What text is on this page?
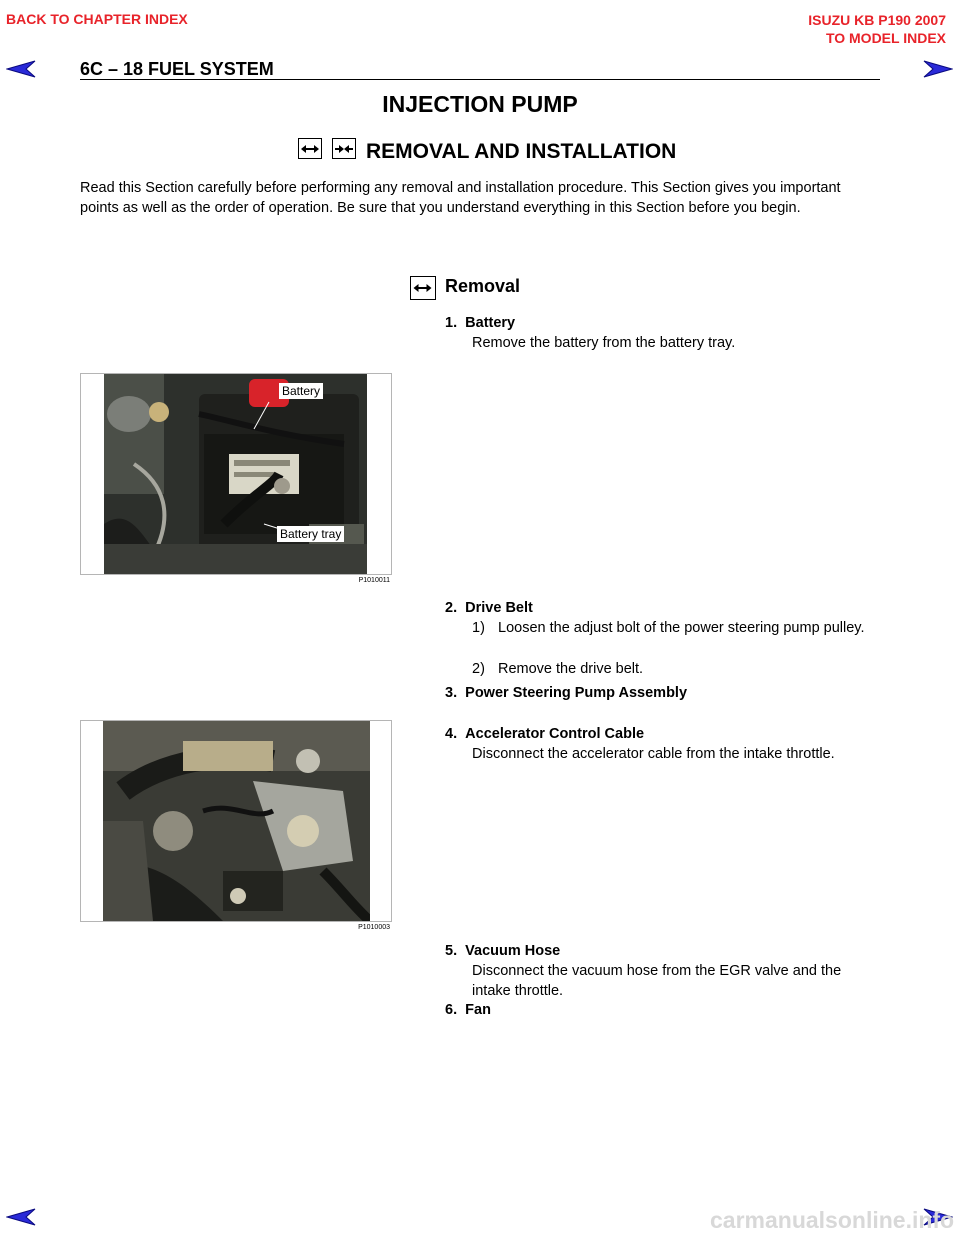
BACK TO CHAPTER INDEX	ISUZU KB P190 2007
TO MODEL INDEX
6C – 18 FUEL SYSTEM
INJECTION PUMP
REMOVAL AND INSTALLATION
Read this Section carefully before performing any removal and installation procedure. This Section gives you important points as well as the order of operation. Be sure that you understand everything in this Section before you begin.
Removal
1. Battery
Remove the battery from the battery tray.
Battery
Battery tray
P1010011
2. Drive Belt
1) Loosen the adjust bolt of the power steering pump pulley.
2) Remove the drive belt.
3. Power Steering Pump Assembly
P1010003
4. Accelerator Control Cable
Disconnect the accelerator cable from the intake throttle.
5. Vacuum Hose
Disconnect the vacuum hose from the EGR valve and the intake throttle.
6. Fan
carmanualsonline.info
